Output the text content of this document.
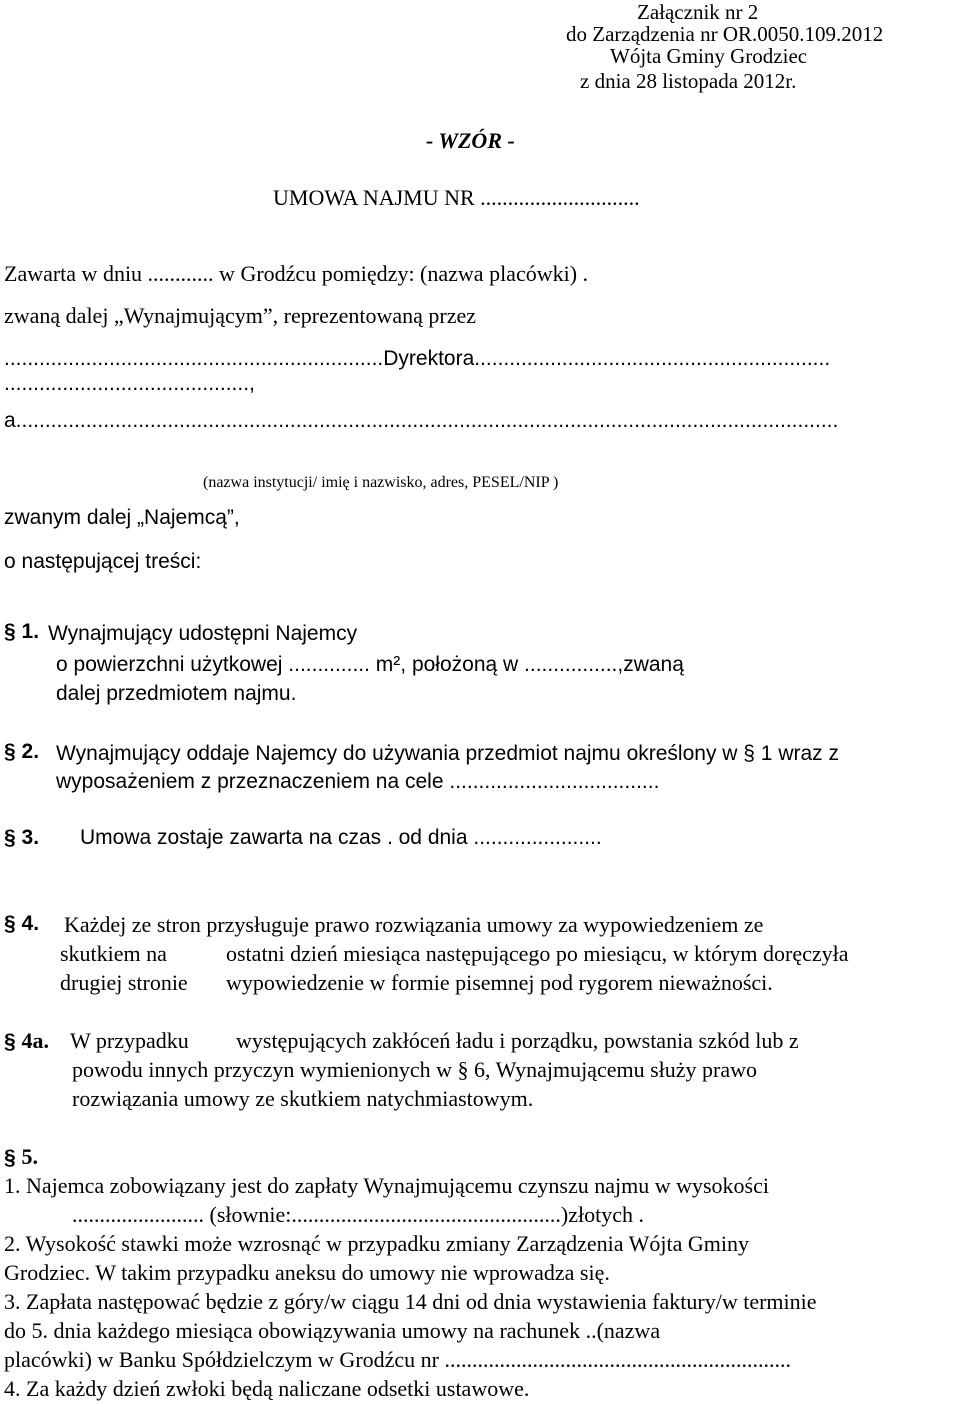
Załącznik nr 2
do Zarządzenia nr OR.0050.109.2012
Wójta Gminy Grodziec
z dnia 28 listopada 2012r.
- WZÓR -
UMOWA NAJMU NR .............................
Zawarta w dniu ............ w Grodźcu pomiędzy: (nazwa placówki) .
zwaną dalej „Wynajmującym”, reprezentowaną przez
.................................................................Dyrektora.............................................................
..........................................,
a.............................................................................................................................................
(nazwa instytucji/ imię i nazwisko, adres, PESEL/NIP )
zwanym dalej „Najemcą”,
o następującej treści:
§ 1. Wynajmujący udostępni Najemcy
o powierzchni użytkowej .............. m², położoną w ................,zwaną
dalej przedmiotem najmu.
§ 2. Wynajmujący oddaje Najemcy do używania przedmiot najmu określony w § 1 wraz z
wyposażeniem z przeznaczeniem na cele ....................................
§ 3. Umowa zostaje zawarta na czas . od dnia ......................
§ 4. Każdej ze stron przysługuje prawo rozwiązania umowy za wypowiedzeniem ze
skutkiem na	ostatni dzień miesiąca następującego po miesiącu, w którym doręczyła
drugiej stronie wypowiedzenie w formie pisemnej pod rygorem nieważności.
§ 4a. W przypadku występujących zakłóceń ładu i porządku, powstania szkód lub z
powodu innych przyczyn wymienionych w § 6, Wynajmującemu służy prawo
rozwiązania umowy ze skutkiem natychmiastowym.
§ 5.
1. Najemca zobowiązany jest do zapłaty Wynajmującemu czynszu najmu w wysokości
........................ (słownie:.................................................)złotych .
2. Wysokość stawki może wzrosnąć w przypadku zmiany Zarządzenia Wójta Gminy
Grodziec. W takim przypadku aneksu do umowy nie wprowadza się.
3. Zapłata następować będzie z góry/w ciągu 14 dni od dnia wystawienia faktury/w terminie
do 5. dnia każdego miesiąca obowiązywania umowy na rachunek ..(nazwa
placówki) w Banku Spółdzielczym w Grodźcu nr ...............................................................
4. Za każdy dzień zwłoki będą naliczane odsetki ustawowe.
